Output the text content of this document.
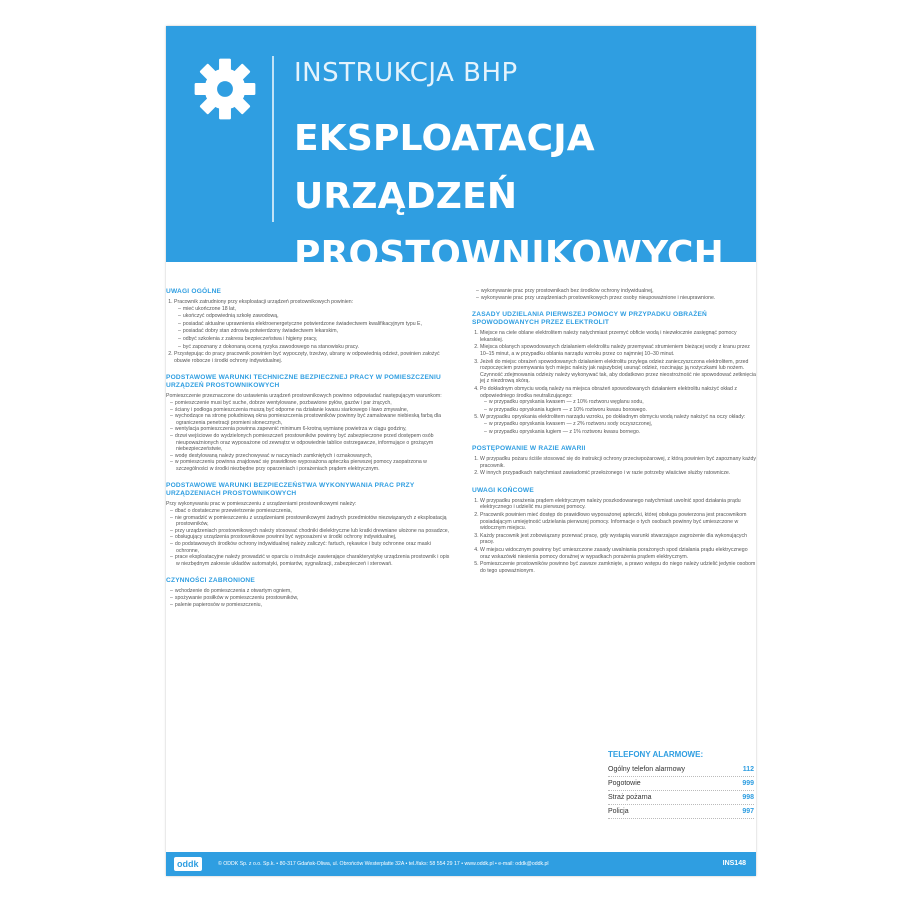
INSTRUKCJA BHP
EKSPLOATACJA URZĄDZEŃ PROSTOWNIKOWYCH
UWAGI OGÓLNE
1. Pracownik zatrudniony przy eksploatacji urządzeń prostownikowych powinien:
– mieć ukończone 18 lat,
– ukończyć odpowiednią szkołę zawodową,
– posiadać aktualne uprawnienia elektroenergetyczne potwierdzone świadectwem kwalifikacyjnym typu E,
– posiadać dobry stan zdrowia potwierdzony świadectwem lekarskim,
– odbyć szkolenia z zakresu bezpieczeństwa i higieny pracy,
– być zapoznany z dokonaną oceną ryzyka zawodowego na stanowisku pracy.
2. Przystępując do pracy pracownik powinien być wypoczęty, trzeźwy, ubrany w odpowiednią odzież, powinien założyć obuwie robocze i środki ochrony indywidualnej.
PODSTAWOWE WARUNKI TECHNICZNE BEZPIECZNEJ PRACY W POMIESZCZENIU URZĄDZEŃ PROSTOWNIKOWYCH

Pomieszczenie przeznaczone do ustawienia urządzeń prostownikowych powinno odpowiadać następującym warunkom:

– pomieszczenie musi być suche, dobrze wentylowane, pozbawione pyłów, gazów i par żrących,
– ściany i podłoga pomieszczenia muszą być odporne na działanie kwasu siarkowego i ławo zmywalne,
– wychodzące na stronę południową okna pomieszczenia prostowników powinny być zamalowane niebieską farbą dla ograniczenia penetracji promieni słonecznych,
– wentylacja pomieszczenia powinna zapewnić minimum 6-krotną wymianę powietrza w ciągu godziny,
– drzwi wejściowe do wydzielonych pomieszczeń prostowników powinny być zabezpieczone przed dostępem osób nieupoważnionych oraz wyposażone od zewnątrz w odpowiednie tablice ostrzegawcze, informujące o grożącym niebezpieczeństwie,
– wodę destylowaną należy przechowywać w naczyniach zamkniętych i oznakowanych,
– w pomieszczeniu powinna znajdować się prawidłowo wyposażona apteczka pierwszej pomocy zaopatrzona w szczególności w środki niezbędne przy oparzeniach i porażeniach prądem elektrycznym.
PODSTAWOWE WARUNKI BEZPIECZEŃSTWA WYKONYWANIA PRAC PRZY URZĄDZENIACH PROSTOWNIKOWYCH

Przy wykonywaniu prac w pomieszczeniu z urządzeniami prostownikowymi należy:

– dbać o dostateczne przewietrzenie pomieszczenia,
– nie gromadzić w pomieszczeniu z urządzeniami prostownikowymi żadnych przedmiotów niezwiązanych z eksploatacją prostowników,
– przy urządzeniach prostownikowych należy stosować chodniki dielektryczne lub kratki drewniane ułożone na posadzce,
– obsługujący urządzenia prostownikowe powinni być wyposażeni w środki ochrony indywidualnej,
– do podstawowych środków ochrony indywidualnej należy zaliczyć: fartuch, rękawice i buty ochronne oraz maski ochronne,
– prace eksploatacyjne należy prowadzić w oparciu o instrukcje zawierające charakterystykę urządzenia prostownik i opis w niezbędnym zakresie układów automatyki, pomiarów, sygnalizacji, zabezpieczeń i sterowań.
CZYNNOŚCI ZABRONIONE
– wchodzenie do pomieszczenia z otwartym ogniem,
– spożywanie posiłków w pomieszczeniu prostowników,
– palenie papierosów w pomieszczeniu,
– wykonywanie prac przy prostownikach bez środków ochrony indywidualnej,
– wykonywanie prac przy urządzeniach prostownikowych przez osoby nieupoważnione i nieuprawnione.
ZASADY UDZIELANIA PIERWSZEJ POMOCY W PRZYPADKU OBRAŻEŃ SPOWODOWANYCH PRZEZ ELEKTROLIT
1. Miejsce na ciele oblane elektrolitem należy natychmiast przemyć obficie wodą i niezwłocznie zasięgnąć pomocy lekarskiej.
2. Miejsca oblanych spowodowanych działaniem elektrolitu należy przemywać strumieniem bieżącej wody z kranu przez 10–15 minut, a w przypadku oblania narządu wzroku przez co najmniej 10–30 minut.
3. Jeżeli do miejsc obrażeń spowodowanych działaniem elektrolitu przylega odzież zanieczyszczona elektrolitem, przed rozpoczęciem przemywania tych miejsc należy jak najszybciej usunąć odzież, rozcinając ją nożyczkami lub nożem. Czynność zdejmowania odzieży należy wykonywać tak, aby dodatkowo przez nieostrożność nie spowodować zetknięcia jej z niezdrową skórą.
4. Po dokładnym obmyciu wodą należy na miejsca obrażeń spowodowanych działaniem elektrolitu nałożyć okład z odpowiedniego środka neutralizującego:
– w przypadku opryskania kwasem — z 10% roztworu węglanu sodu,
– w przypadku opryskania ługiem — z 10% roztworu kwasu borowego.
5. W przypadku opryskania elektrolitem narządu wzroku, po dokładnym obmyciu wodą należy nałożyć na oczy okłady:
– w przypadku opryskania kwasem — z 2% roztworu sody oczyszczonej,
– w przypadku opryskania ługiem — z 1% roztworu kwasu bornego.
POSTĘPOWANIE W RAZIE AWARII
1. W przypadku pożaru ściśle stosować się do instrukcji ochrony przeciwpożarowej, z którą powinien być zapoznany każdy pracownik.
2. W innych przypadkach natychmiast zawiadomić przełożonego i w razie potrzeby właściwe służby ratownicze.
UWAGI KOŃCOWE
1. W przypadku porażenia prądem elektrycznym należy poszkodowanego natychmiast uwolnić spod działania prądu elektrycznego i udzielić mu pierwszej pomocy.
2. Pracownik powinien mieć dostęp do prawidłowo wyposażonej apteczki, której obsługa powierzona jest pracownikom posiadającym umiejętność udzielania pierwszej pomocy. Informacje o tych osobach powinny być umieszczone w widocznym miejscu.
3. Każdy pracownik jest zobowiązany przerwać pracę, gdy wystąpią warunki stwarzające zagrożenie dla wykonujących pracę.
4. W miejscu widocznym powinny być umieszczone zasady uwalniania porażonych spod działania prądu elektrycznego oraz wskazówki niesienia pomocy doraźnej w wypadkach porażenia prądem elektrycznym.
5. Pomieszczenie prostowników powinno być zawsze zamknięte, a prawo wstępu do niego należy udzielić jedynie osobom do tego upoważnionym.
TELEFONY ALARMOWE:
Ogólny telefon alarmowy	112
Pogotowie	999
Straż pożarna	998
Policja	997
oddk	© ODDK Sp. z o.o. Sp.k. • 80-317 Gdańsk-Oliwa, ul. Obrońców Westerplatte 32A • tel./faks: 58 554 29 17 • www.oddk.pl • e-mail: oddk@oddk.pl	INS148
